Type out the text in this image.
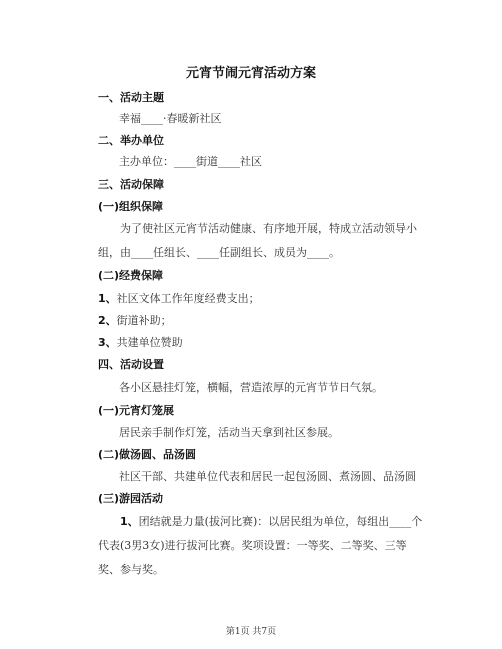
元宵节闹元宵活动方案
一、活动主题
幸福____·春暖新社区
二、举办单位
主办单位：____街道____社区
三、活动保障
(一)组织保障
为了使社区元宵节活动健康、有序地开展，特成立活动领导小组，由____任组长、____任副组长、成员为____。
(二)经费保障
1、社区文体工作年度经费支出；
2、街道补助；
3、共建单位赞助
四、活动设置
各小区悬挂灯笼，横幅，营造浓厚的元宵节节日气氛。
(一)元宵灯笼展
居民亲手制作灯笼，活动当天拿到社区参展。
(二)做汤圆、品汤圆
社区干部、共建单位代表和居民一起包汤圆、煮汤圆、品汤圆
(三)游园活动
1、团结就是力量(拔河比赛)：以居民组为单位，每组出____个代表(3男3女)进行拔河比赛。奖项设置：一等奖、二等奖、三等奖、参与奖。
第1页 共7页
